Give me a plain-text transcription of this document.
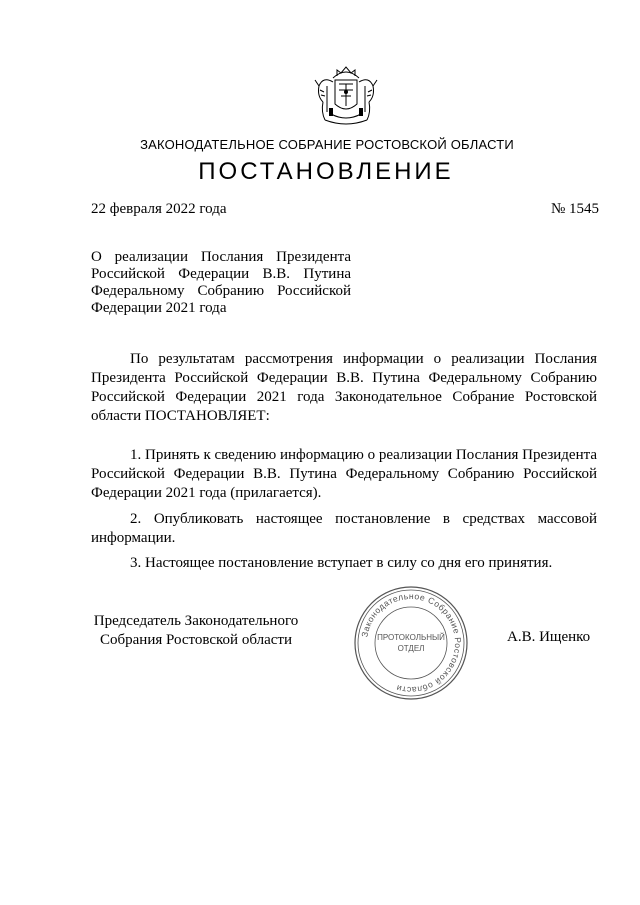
ЗАКОНОДАТЕЛЬНОЕ СОБРАНИЕ РОСТОВСКОЙ ОБЛАСТИ
ПОСТАНОВЛЕНИЕ
22 февраля 2022 года	№ 1545
О реализации Послания Президента
Российской Федерации В.В. Путина
Федеральному Собранию Российской
Федерации 2021 года
По результатам рассмотрения информации о реализации Послания Президента Российской Федерации В.В. Путина Федеральному Собранию Российской Федерации 2021 года Законодательное Собрание Ростовской области ПОСТАНОВЛЯЕТ:
1. Принять к сведению информацию о реализации Послания Президента Российской Федерации В.В. Путина Федеральному Собранию Российской Федерации 2021 года (прилагается).
2. Опубликовать настоящее постановление в средствах массовой информации.
3. Настоящее постановление вступает в силу со дня его принятия.
Председатель Законодательного
Собрания Ростовской области	А.В. Ищенко
Законодательное Собрание Ростовской области
ПРОТОКОЛЬНЫЙ
ОТДЕЛ
